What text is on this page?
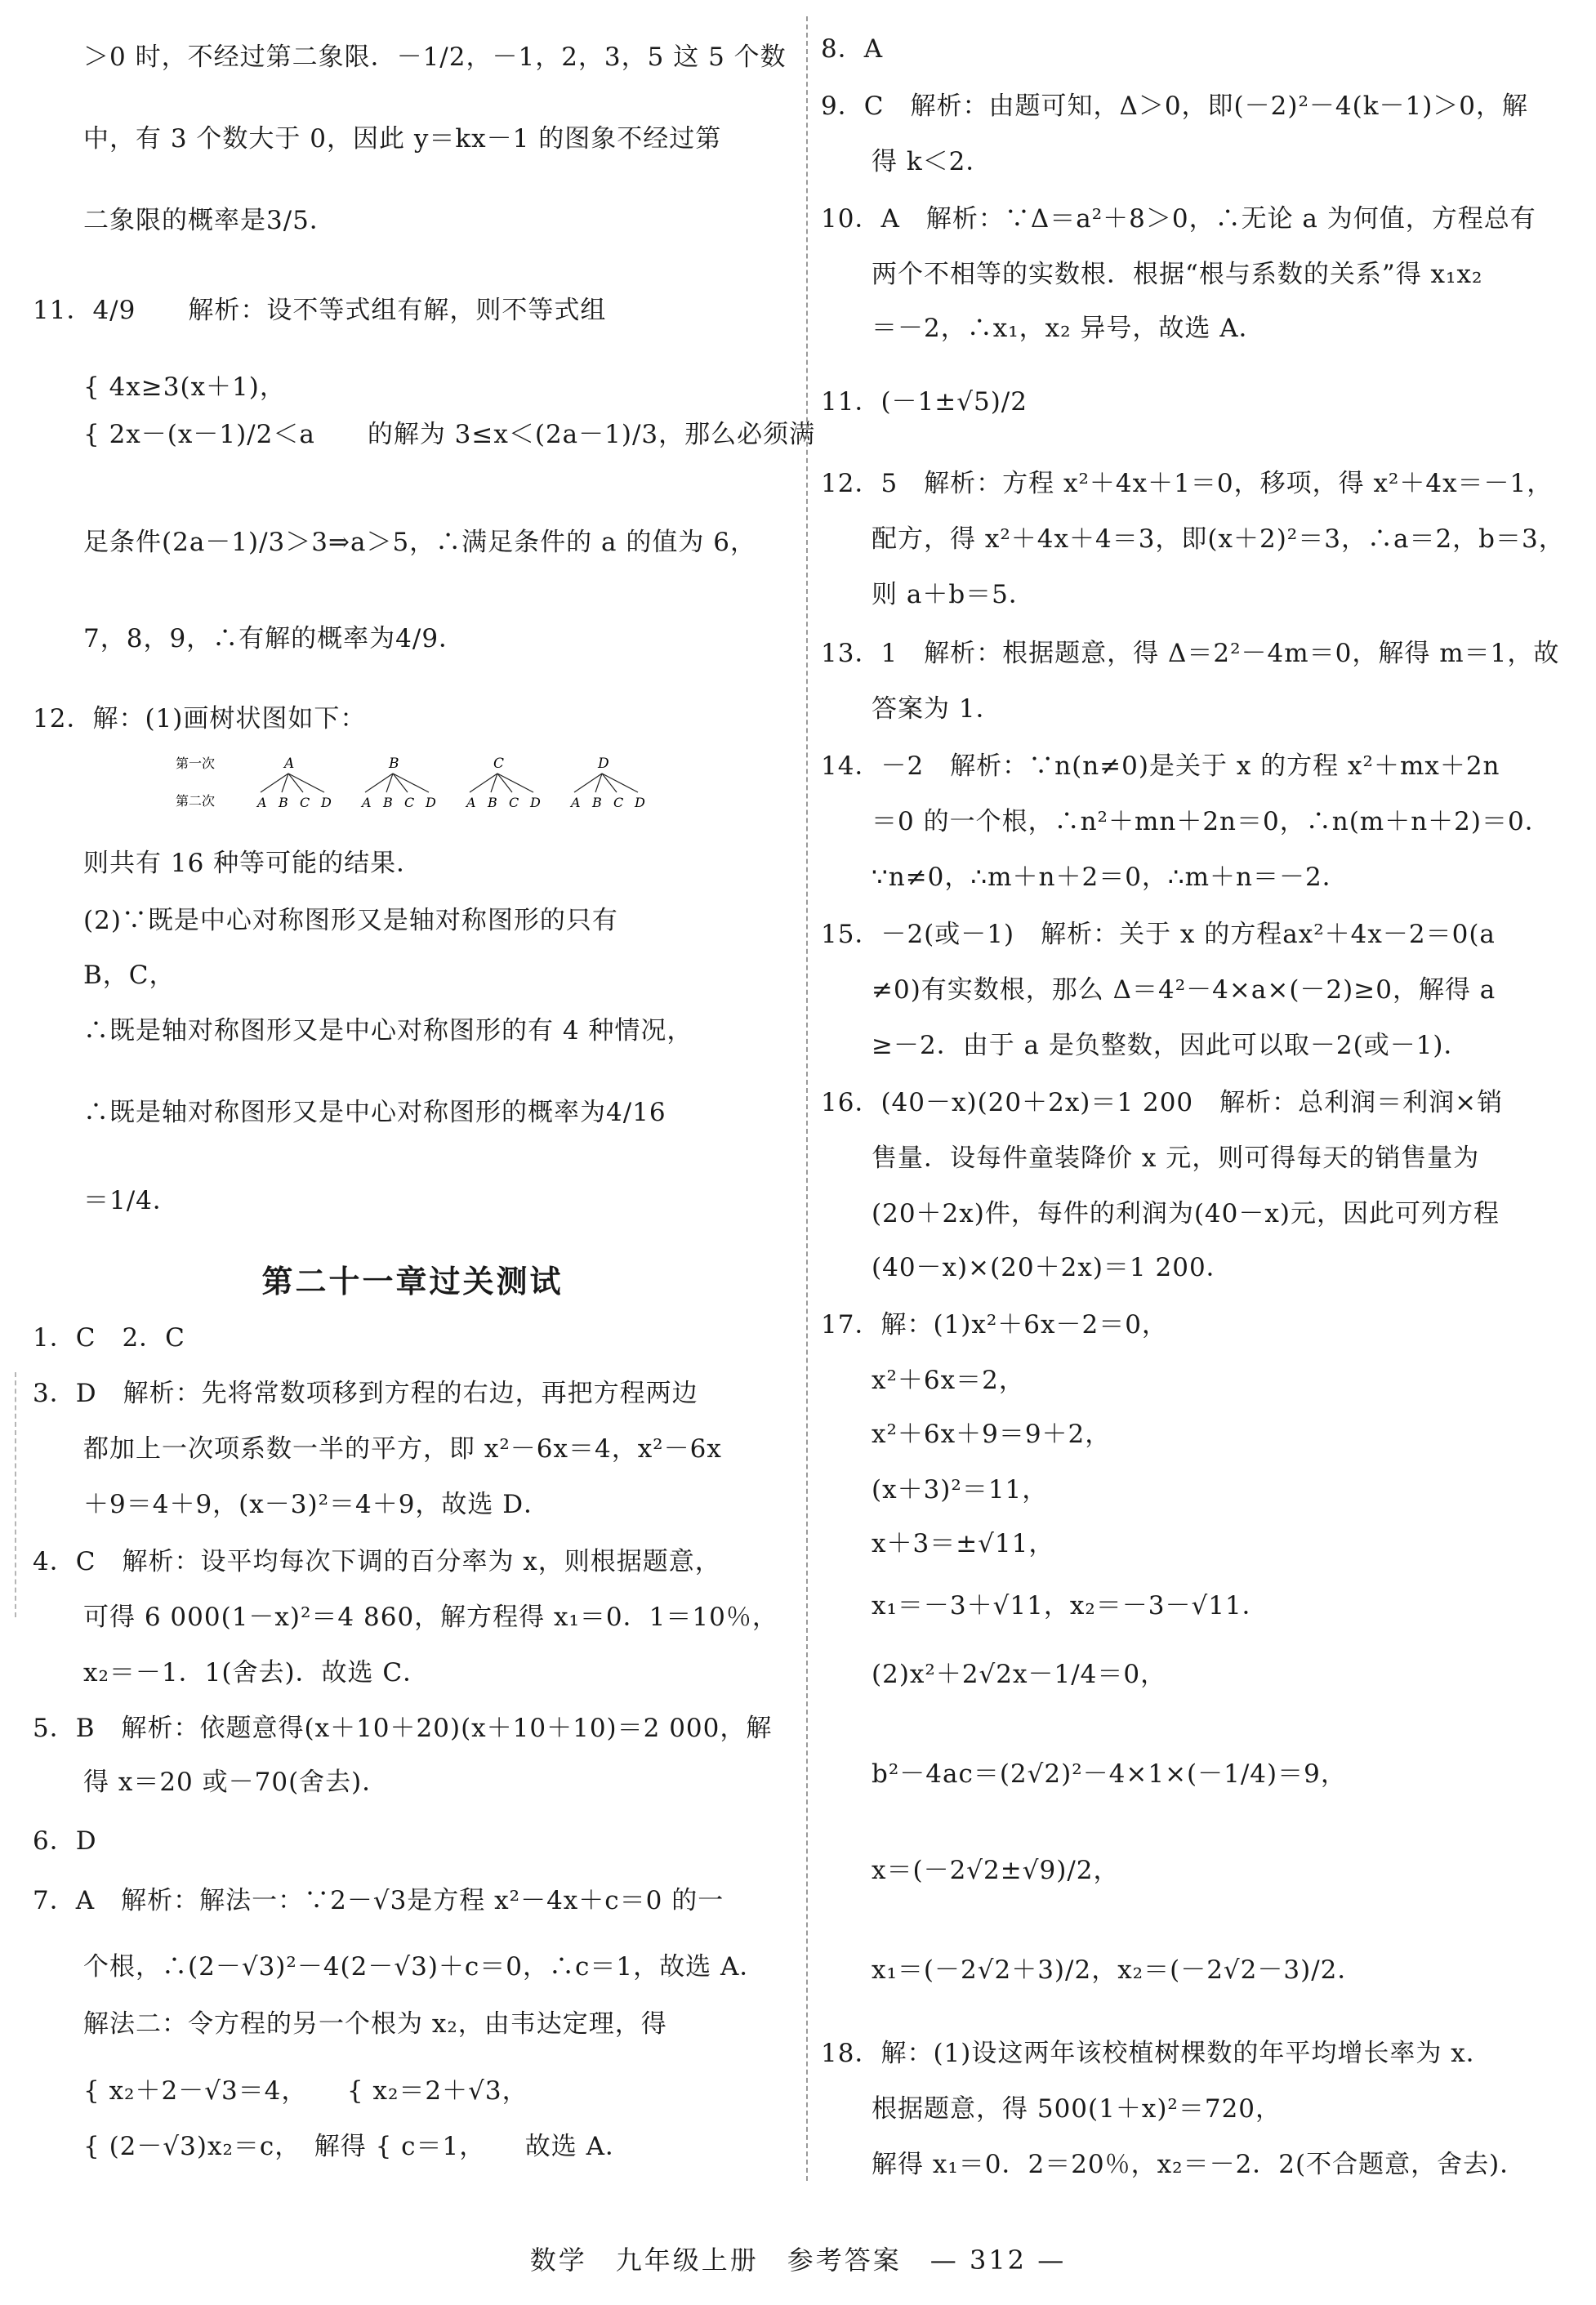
＞0 时，不经过第二象限．－1/2，－1，2，3，5 这 5 个数
中，有 3 个数大于 0，因此 y＝kx－1 的图象不经过第
二象限的概率是3/5．
11．4/9　　解析：设不等式组有解，则不等式组
{ 4x≥3(x＋1)，
{ 2x－(x－1)/2＜a　　的解为 3≤x＜(2a－1)/3，那么必须满
足条件(2a－1)/3＞3⇒a＞5，∴满足条件的 a 的值为 6，
7，8，9，∴有解的概率为4/9．
12．解：(1)画树状图如下：
则共有 16 种等可能的结果．
(2)∵既是中心对称图形又是轴对称图形的只有
B，C，
∴既是轴对称图形又是中心对称图形的有 4 种情况，
∴既是轴对称图形又是中心对称图形的概率为4/16
＝1/4．
1．C　2．C
3．D　解析：先将常数项移到方程的右边，再把方程两边
都加上一次项系数一半的平方，即 x²－6x＝4，x²－6x
＋9＝4＋9，(x－3)²＝4＋9，故选 D．
4．C　解析：设平均每次下调的百分率为 x，则根据题意，
可得 6 000(1－x)²＝4 860，解方程得 x₁＝0．1＝10％，
x₂＝－1．1(舍去)．故选 C．
5．B　解析：依题意得(x＋10＋20)(x＋10＋10)＝2 000，解
得 x＝20 或－70(舍去)．
6．D
7．A　解析：解法一：∵2－√3是方程 x²－4x＋c＝0 的一
个根，∴(2－√3)²－4(2－√3)＋c＝0，∴c＝1，故选 A．
解法二：令方程的另一个根为 x₂，由韦达定理，得
{ x₂＋2－√3＝4，　　{ x₂＝2＋√3，
{ (2－√3)x₂＝c，　解得 { c＝1，　　故选 A．
8．A
9．C　解析：由题可知，Δ＞0，即(－2)²－4(k－1)＞0，解
得 k＜2．
10．A　解析：∵Δ＝a²＋8＞0，∴无论 a 为何值，方程总有
两个不相等的实数根．根据“根与系数的关系”得 x₁x₂
＝－2，∴x₁，x₂ 异号，故选 A．
11．(－1±√5)/2
12．5　解析：方程 x²＋4x＋1＝0，移项，得 x²＋4x＝－1，
配方，得 x²＋4x＋4＝3，即(x＋2)²＝3，∴a＝2，b＝3，
则 a＋b＝5．
13．1　解析：根据题意，得 Δ＝2²－4m＝0，解得 m＝1，故
答案为 1．
14．－2　解析：∵n(n≠0)是关于 x 的方程 x²＋mx＋2n
＝0 的一个根，∴n²＋mn＋2n＝0，∴n(m＋n＋2)＝0．
∵n≠0，∴m＋n＋2＝0，∴m＋n＝－2．
15．－2(或－1)　解析：关于 x 的方程ax²＋4x－2＝0(a
≠0)有实数根，那么 Δ＝4²－4×a×(－2)≥0，解得 a
≥－2．由于 a 是负整数，因此可以取－2(或－1)．
16．(40－x)(20＋2x)＝1 200　解析：总利润＝利润×销
售量．设每件童装降价 x 元，则可得每天的销售量为
(20＋2x)件，每件的利润为(40－x)元，因此可列方程
(40－x)×(20＋2x)＝1 200．
17．解：(1)x²＋6x－2＝0，
x²＋6x＝2，
x²＋6x＋9＝9＋2，
(x＋3)²＝11，
x＋3＝±√11，
x₁＝－3＋√11，x₂＝－3－√11．
(2)x²＋2√2x－1/4＝0，
b²－4ac＝(2√2)²－4×1×(－1/4)＝9，
x＝(－2√2±√9)/2，
x₁＝(－2√2＋3)/2，x₂＝(－2√2－3)/2．
18．解：(1)设这两年该校植树棵数的年平均增长率为 x．
根据题意，得 500(1＋x)²＝720，
解得 x₁＝0．2＝20％，x₂＝－2．2(不合题意，舍去)．
第二十一章过关测试
第一次
第二次
A
A B C D
B
A B C D
C
A B C D
D
A B C D
数学　九年级上册　参考答案　— 312 —
